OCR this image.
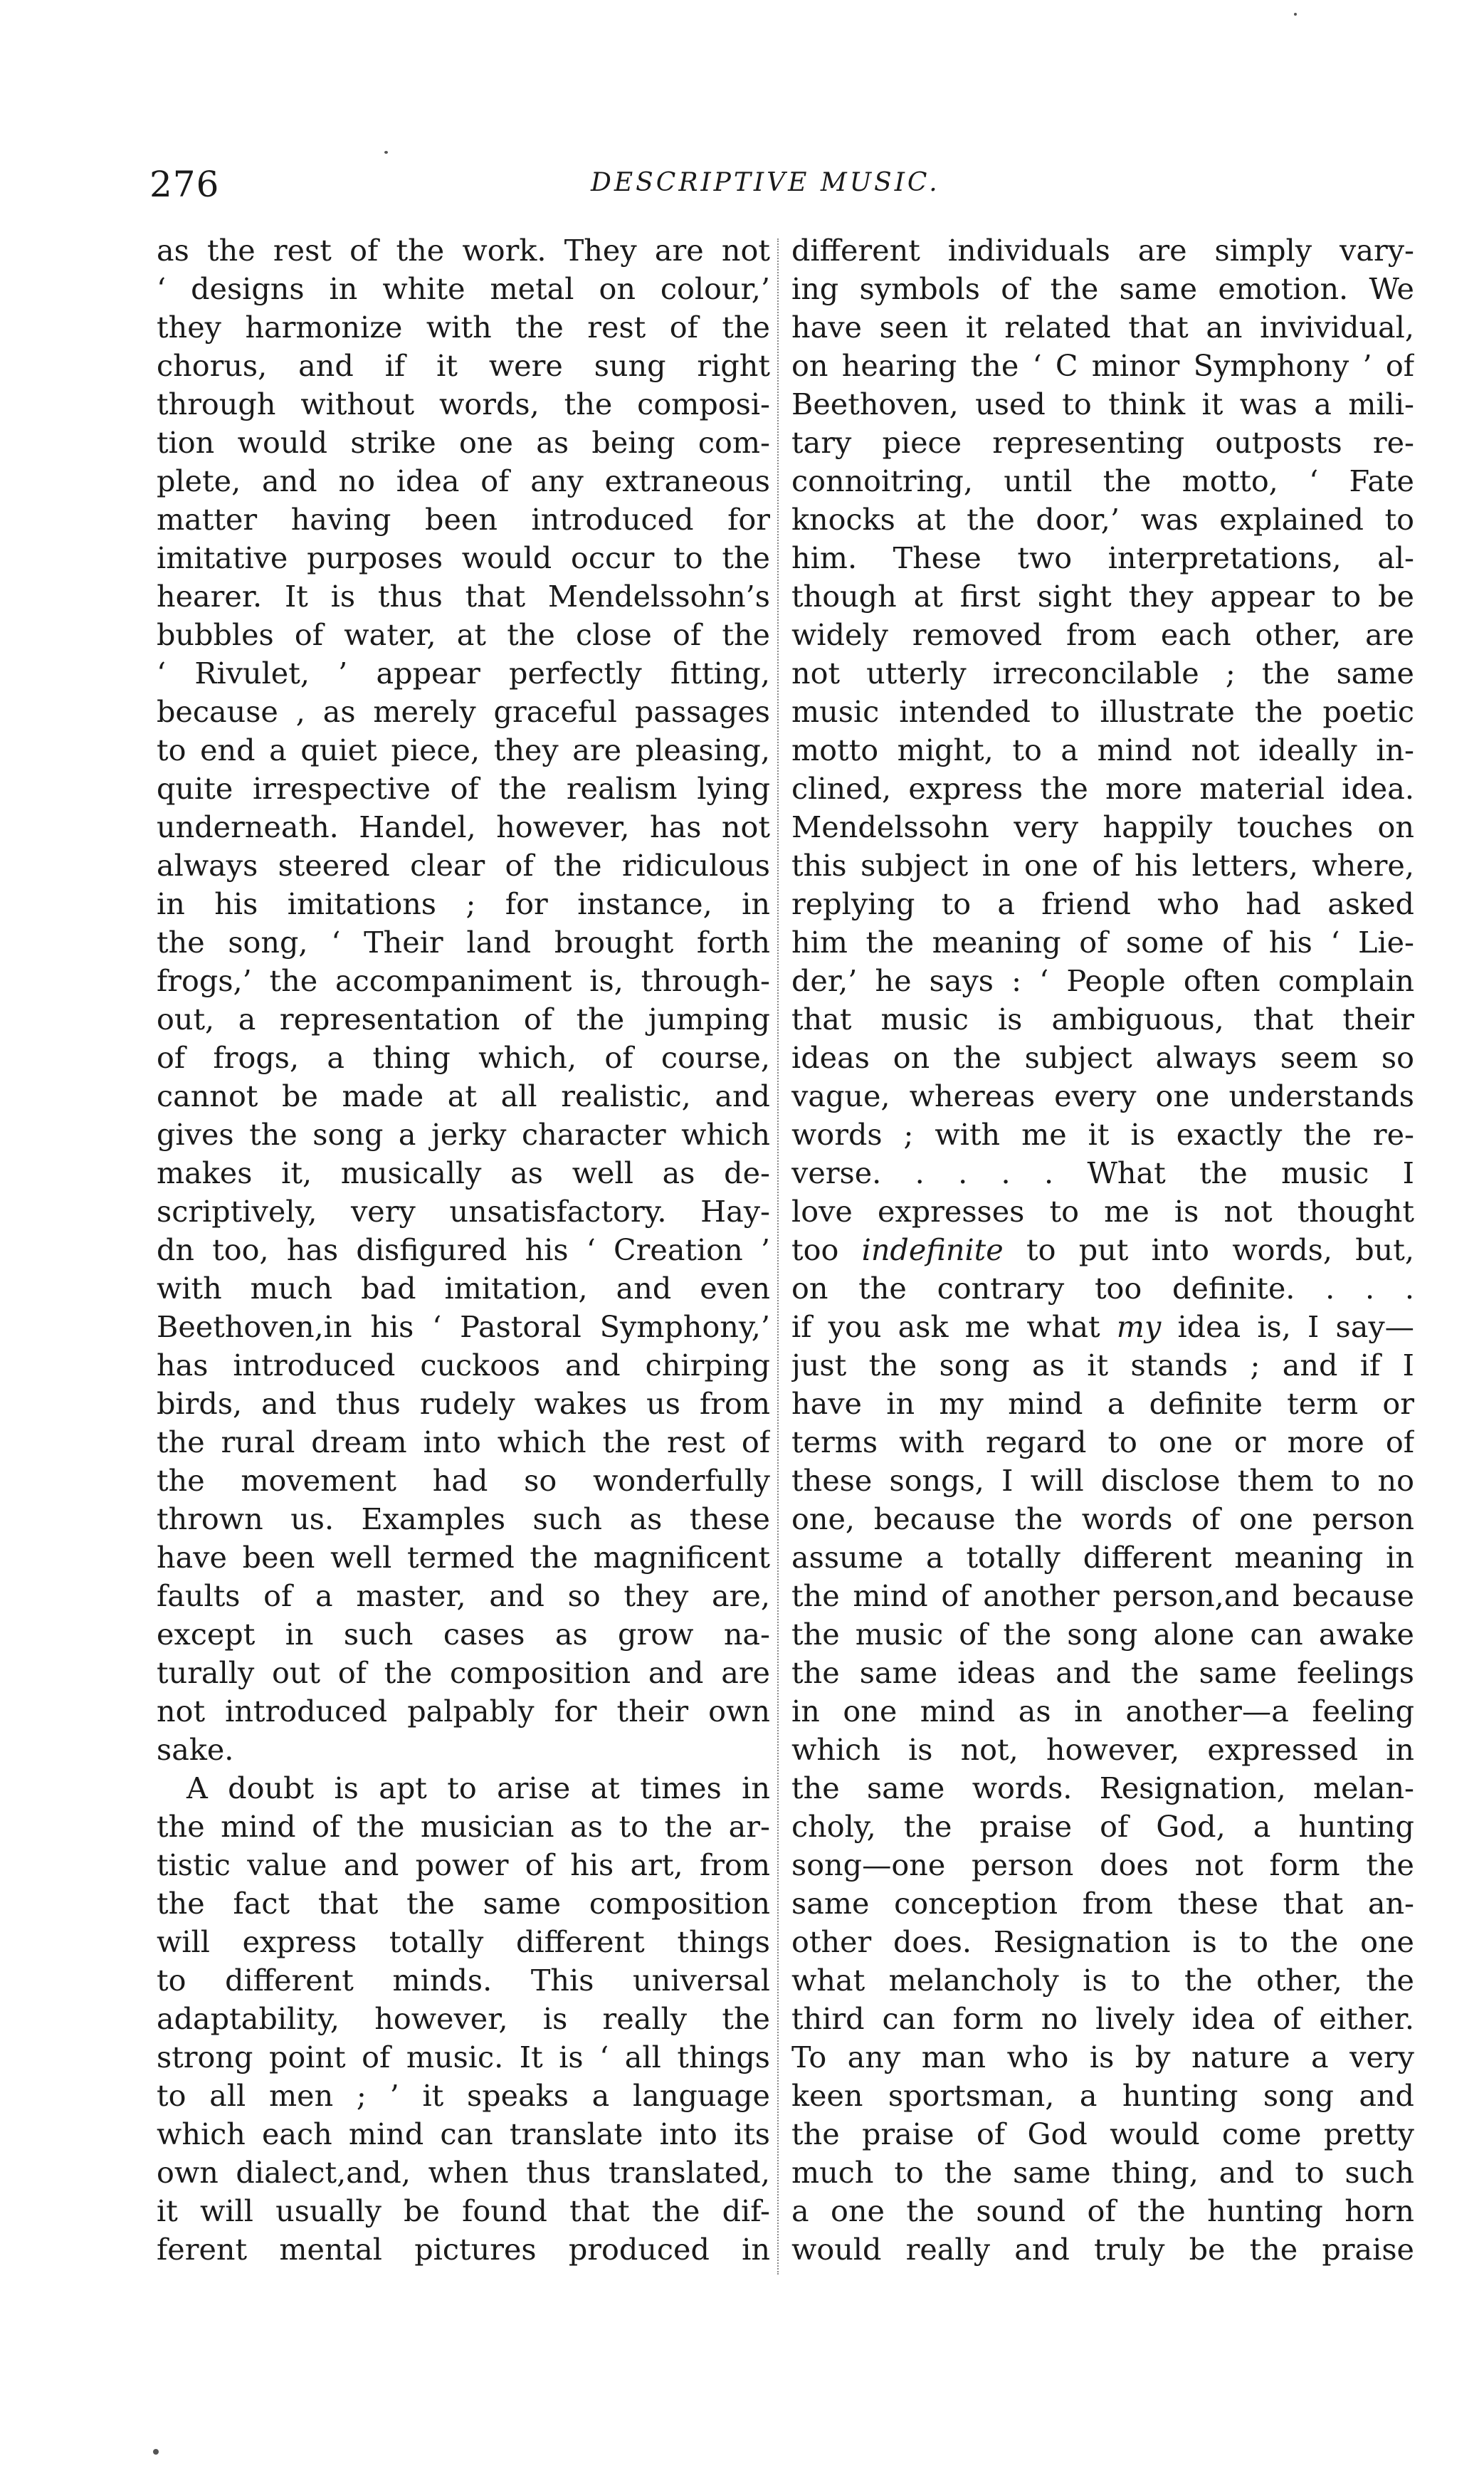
276	DESCRIPTIVE MUSIC.
as the rest of the work. They are not
‘ designs in white metal on colour,’
they harmonize with the rest of the
chorus, and if it were sung right
through without words, the composi-
tion would strike one as being com-
plete, and no idea of any extraneous
matter having been introduced for
imitative purposes would occur to the
hearer. It is thus that Mendelssohn’s
bubbles of water, at the close of the
‘ Rivulet, ’ appear perfectly fitting,
because , as merely graceful passages
to end a quiet piece, they are pleasing,
quite irrespective of the realism lying
underneath. Handel, however, has not
always steered clear of the ridiculous
in his imitations ; for instance, in
the song, ‘ Their land brought forth
frogs,’ the accompaniment is, through-
out, a representation of the jumping
of frogs, a thing which, of course,
cannot be made at all realistic, and
gives the song a jerky character which
makes it, musically as well as de-
scriptively, very unsatisfactory. Hay-
dn too, has disfigured his ‘ Creation ’
with much bad imitation, and even
Beethoven,in his ‘ Pastoral Symphony,’
has introduced cuckoos and chirping
birds, and thus rudely wakes us from
the rural dream into which the rest of
the movement had so wonderfully
thrown us. Examples such as these
have been well termed the magnificent
faults of a master, and so they are,
except in such cases as grow na-
turally out of the composition and are
not introduced palpably for their own
sake.
A doubt is apt to arise at times in
the mind of the musician as to the ar-
tistic value and power of his art, from
the fact that the same composition
will express totally different things
to different minds. This universal
adaptability, however, is really the
strong point of music. It is ‘ all things
to all men ; ’ it speaks a language
which each mind can translate into its
own dialect,and, when thus translated,
it will usually be found that the dif-
ferent mental pictures produced in
different individuals are simply vary-
ing symbols of the same emotion. We
have seen it related that an invividual,
on hearing the ‘ C minor Symphony ’ of
Beethoven, used to think it was a mili-
tary piece representing outposts re-
connoitring, until the motto, ‘ Fate
knocks at the door,’ was explained to
him. These two interpretations, al-
though at first sight they appear to be
widely removed from each other, are
not utterly irreconcilable ; the same
music intended to illustrate the poetic
motto might, to a mind not ideally in-
clined, express the more material idea.
Mendelssohn very happily touches on
this subject in one of his letters, where,
replying to a friend who had asked
him the meaning of some of his ‘ Lie-
der,’ he says : ‘ People often complain
that music is ambiguous, that their
ideas on the subject always seem so
vague, whereas every one understands
words ; with me it is exactly the re-
verse. . . . . What the music I
love expresses to me is not thought
too indefinite to put into words, but,
on the contrary too definite. . . .
if you ask me what my idea is, I say—
just the song as it stands ; and if I
have in my mind a definite term or
terms with regard to one or more of
these songs, I will disclose them to no
one, because the words of one person
assume a totally different meaning in
the mind of another person,and because
the music of the song alone can awake
the same ideas and the same feelings
in one mind as in another—a feeling
which is not, however, expressed in
the same words. Resignation, melan-
choly, the praise of God, a hunting
song—one person does not form the
same conception from these that an-
other does. Resignation is to the one
what melancholy is to the other, the
third can form no lively idea of either.
To any man who is by nature a very
keen sportsman, a hunting song and
the praise of God would come pretty
much to the same thing, and to such
a one the sound of the hunting horn
would really and truly be the praise
